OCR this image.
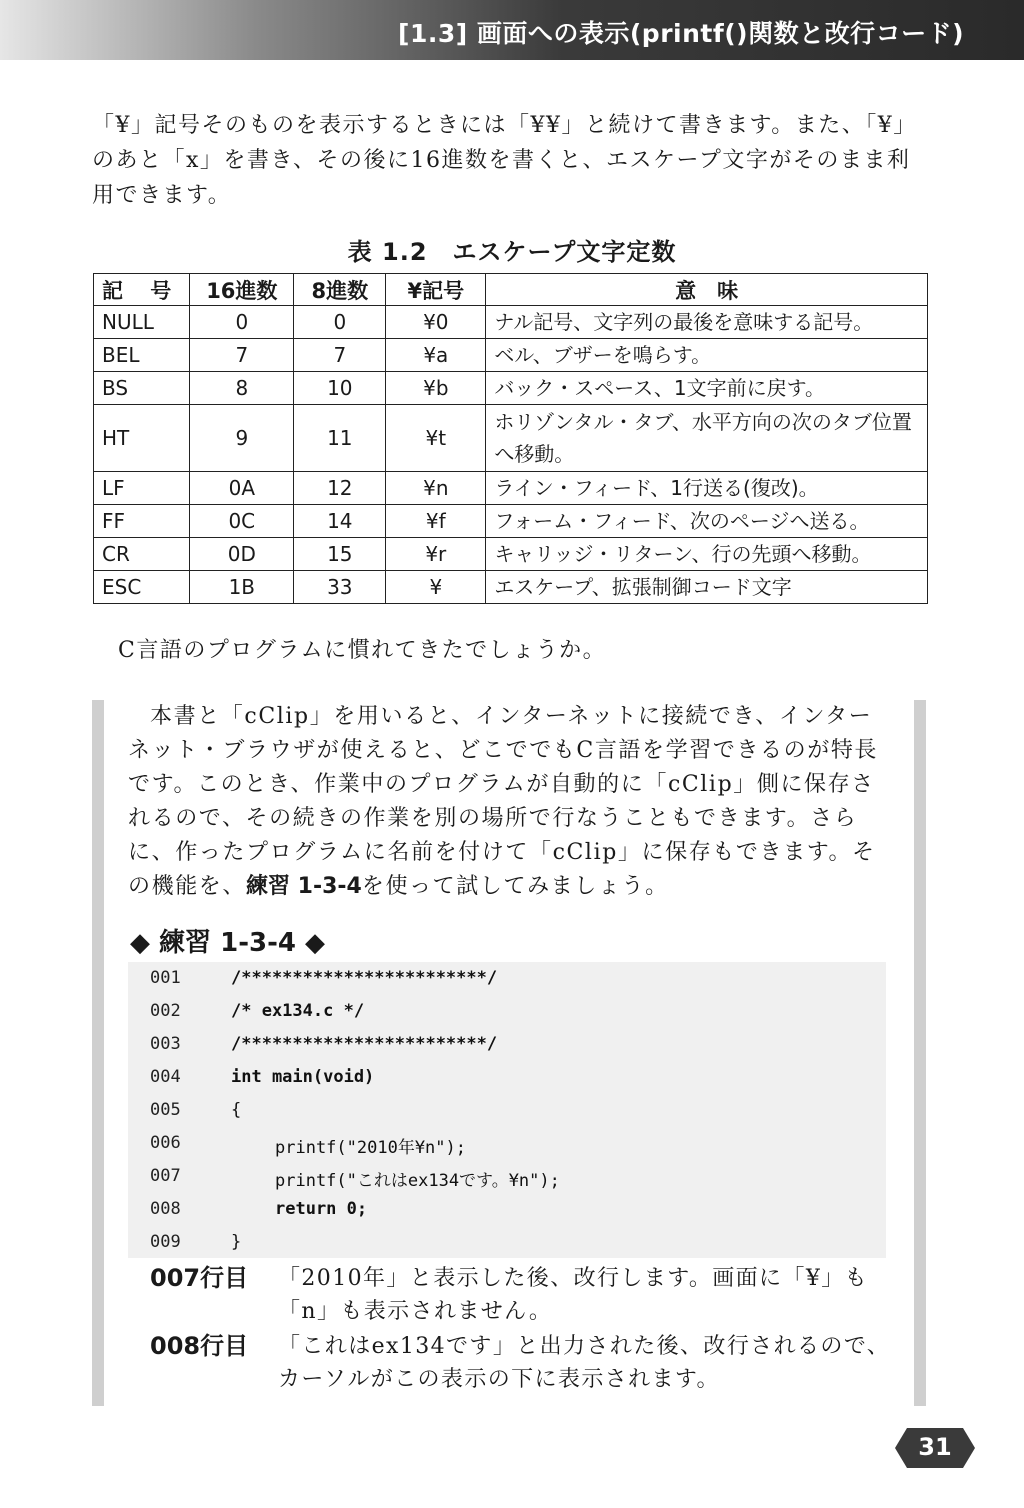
[1.3] 画面への表示(printf()関数と改行コード)
「¥」記号そのものを表示するときには「¥¥」と続けて書きます。また、「¥」のあと「x」を書き、その後に16進数を書くと、エスケープ文字がそのまま利用できます。
表 1.2　エスケープ文字定数
記 号	16進数	8進数	¥記号	意　味
NULL	0	0	¥0	ナル記号、文字列の最後を意味する記号。
BEL	7	7	¥a	ベル、ブザーを鳴らす。
BS	8	10	¥b	バック・スペース、1文字前に戻す。
HT	9	11	¥t	ホリゾンタル・タブ、水平方向の次のタブ位置へ移動。
LF	0A	12	¥n	ライン・フィード、1行送る(復改)。
FF	0C	14	¥f	フォーム・フィード、次のページへ送る。
CR	0D	15	¥r	キャリッジ・リターン、行の先頭へ移動。
ESC	1B	33	¥	エスケープ、拡張制御コード文字
C言語のプログラムに慣れてきたでしょうか。
本書と「cClip」を用いると、インターネットに接続でき、インターネット・ブラウザが使えると、どこででもC言語を学習できるのが特長です。このとき、作業中のプログラムが自動的に「cClip」側に保存されるので、その続きの作業を別の場所で行なうこともできます。さらに、作ったプログラムに名前を付けて「cClip」に保存もできます。その機能を、練習 1-3-4を使って試してみましょう。
◆ 練習 1-3-4 ◆
001	/************************/
002	/* ex134.c */
003	/************************/
004	int main(void)
005	{
006	printf("2010年¥n");
007	printf("これはex134です。¥n");
008	return 0;
009	}
007行目 「2010年」と表示した後、改行します。画面に「¥」も「n」も表示されません。
008行目 「これはex134です」と出力された後、改行されるので、カーソルがこの表示の下に表示されます。
31
